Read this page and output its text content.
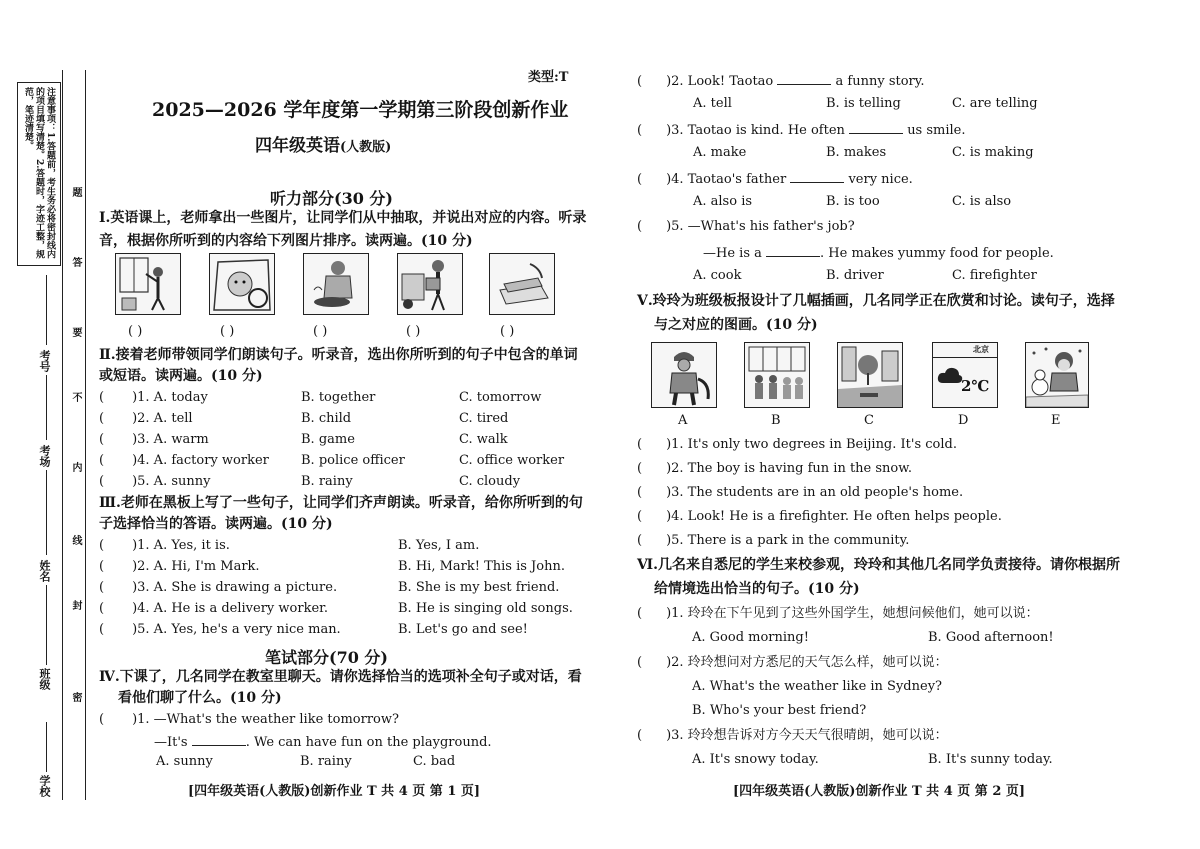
注意事项：1.答题前，考生务必将密封线内的项目填写清楚。2.答题时，字迹工整，规范，笔迹清楚。
学校
班级
姓名
考场
考号
密
封
线
内
不
要
答
题
类型:T
2025—2026 学年度第一学期第三阶段创新作业
四年级英语(人教版)
听力部分(30 分)
Ⅰ.英语课上，老师拿出一些图片，让同学们从中抽取，并说出对应的内容。听录
音，根据你所听到的内容给下列图片排序。读两遍。(10 分)
( )	( )	( )	( )	( )
Ⅱ.接着老师带领同学们朗读句子。听录音，选出你所听到的句子中包含的单词
或短语。读两遍。(10 分)
( )1. A. today	B. together	C. tomorrow
( )2. A. tell	B. child	C. tired
( )3. A. warm	B. game	C. walk
( )4. A. factory worker B. police officer	C. office worker
( )5. A. sunny	B. rainy	C. cloudy
Ⅲ.老师在黑板上写了一些句子，让同学们齐声朗读。听录音，给你所听到的句
子选择恰当的答语。读两遍。(10 分)
( )1. A. Yes, it is.	B. Yes, I am.
( )2. A. Hi, I'm Mark.	B. Hi, Mark! This is John.
( )3. A. She is drawing a picture.	B. She is my best friend.
( )4. A. He is a delivery worker.	B. He is singing old songs.
( )5. A. Yes, he's a very nice man.	B. Let's go and see!
笔试部分(70 分)
Ⅳ.下课了，几名同学在教室里聊天。请你选择恰当的选项补全句子或对话，看
看他们聊了什么。(10 分)
( )1. —What's the weather like tomorrow?
—It's	. We can have fun on the playground.
A. sunny	B. rainy	C. bad
[四年级英语(人教版)创新作业 T 共 4 页 第 1 页]
( )2. Look! Taotao	a funny story.
A. tell	B. is telling	C. are telling
( )3. Taotao is kind. He often	us smile.
A. make	B. makes	C. is making
( )4. Taotao's father	very nice.
A. also is	B. is too	C. is also
( )5. —What's his father's job?
—He is a	. He makes yummy food for people.
A. cook	B. driver	C. firefighter
Ⅴ.玲玲为班级板报设计了几幅插画，几名同学正在欣赏和讨论。读句子，选择
与之对应的图画。(10 分)
北京
2℃
A	B	C	D	E
( )1. It's only two degrees in Beijing. It's cold.
( )2. The boy is having fun in the snow.
( )3. The students are in an old people's home.
( )4. Look! He is a firefighter. He often helps people.
( )5. There is a park in the community.
Ⅵ.几名来自悉尼的学生来校参观，玲玲和其他几名同学负责接待。请你根据所
给情境选出恰当的句子。(10 分)
( )1. 玲玲在下午见到了这些外国学生，她想问候他们，她可以说：
A. Good morning!	B. Good afternoon!
( )2. 玲玲想问对方悉尼的天气怎么样，她可以说：
A. What's the weather like in Sydney?
B. Who's your best friend?
( )3. 玲玲想告诉对方今天天气很晴朗，她可以说：
A. It's snowy today.	B. It's sunny today.
[四年级英语(人教版)创新作业 T 共 4 页 第 2 页]
